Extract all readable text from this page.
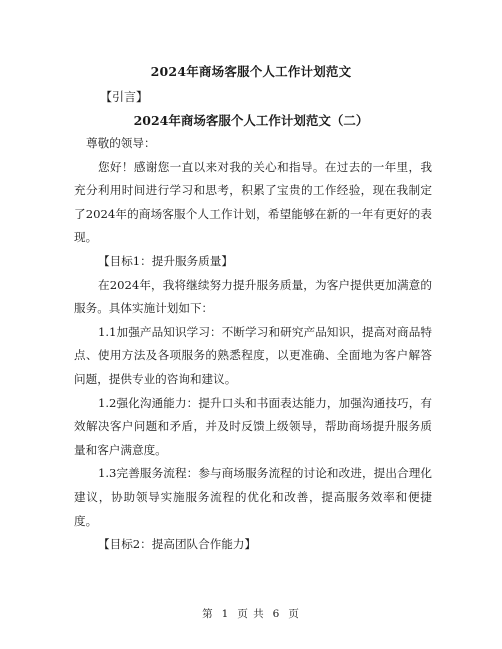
2024年商场客服个人工作计划范文
【引言】
2024年商场客服个人工作计划范文（二）

尊敬的领导：

您好！感谢您一直以来对我的关心和指导。在过去的一年里，我充分利用时间进行学习和思考，积累了宝贵的工作经验，现在我制定了2024年的商场客服个人工作计划，希望能够在新的一年有更好的表现。

【目标1：提升服务质量】

在2024年，我将继续努力提升服务质量，为客户提供更加满意的服务。具体实施计划如下：

1.1加强产品知识学习：不断学习和研究产品知识，提高对商品特点、使用方法及各项服务的熟悉程度，以更准确、全面地为客户解答问题，提供专业的咨询和建议。

1.2强化沟通能力：提升口头和书面表达能力，加强沟通技巧，有效解决客户问题和矛盾，并及时反馈上级领导，帮助商场提升服务质量和客户满意度。

1.3完善服务流程：参与商场服务流程的讨论和改进，提出合理化建议，协助领导实施服务流程的优化和改善，提高服务效率和便捷度。

【目标2：提高团队合作能力】

第 1 页 共 6 页
